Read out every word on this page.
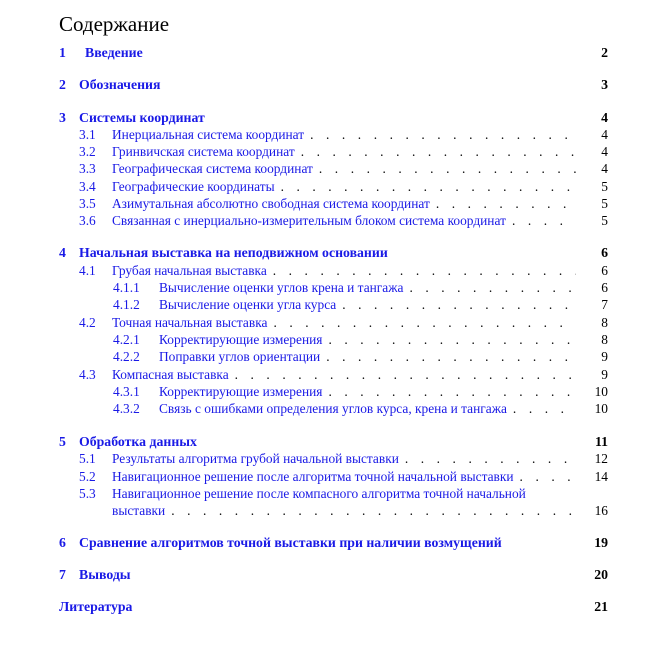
Содержание
1 Введение	2
2 Обозначения	3
3 Системы координат	4
3.1 Инерциальная система координат . . .	4
3.2 Гринвичская система координат . . .	4
3.3 Географическая система координат . . .	4
3.4 Географические координаты . . .	5
3.5 Азимутальная абсолютно свободная система координат . . .	5
3.6 Связанная с инерциально-измерительным блоком система координат . . .	5
4 Начальная выставка на неподвижном основании	6
4.1 Грубая начальная выставка . . .	6
4.1.1 Вычисление оценки углов крена и тангажа . . .	6
4.1.2 Вычисление оценки угла курса . . .	7
4.2 Точная начальная выставка . . .	8
4.2.1 Корректирующие измерения . . .	8
4.2.2 Поправки углов ориентации . . .	9
4.3 Компасная выставка . . .	9
4.3.1 Корректирующие измерения . . .	10
4.3.2 Связь с ошибками определения углов курса, крена и тангажа . . .	10
5 Обработка данных	11
5.1 Результаты алгоритма грубой начальной выставки . . .	12
5.2 Навигационное решение после алгоритма точной начальной выставки . . .	14
5.3 Навигационное решение после компасного алгоритма точной начальной
выставки . . .	16
6 Сравнение алгоритмов точной выставки при наличии возмущений	19
7 Выводы	20
Литература	21
